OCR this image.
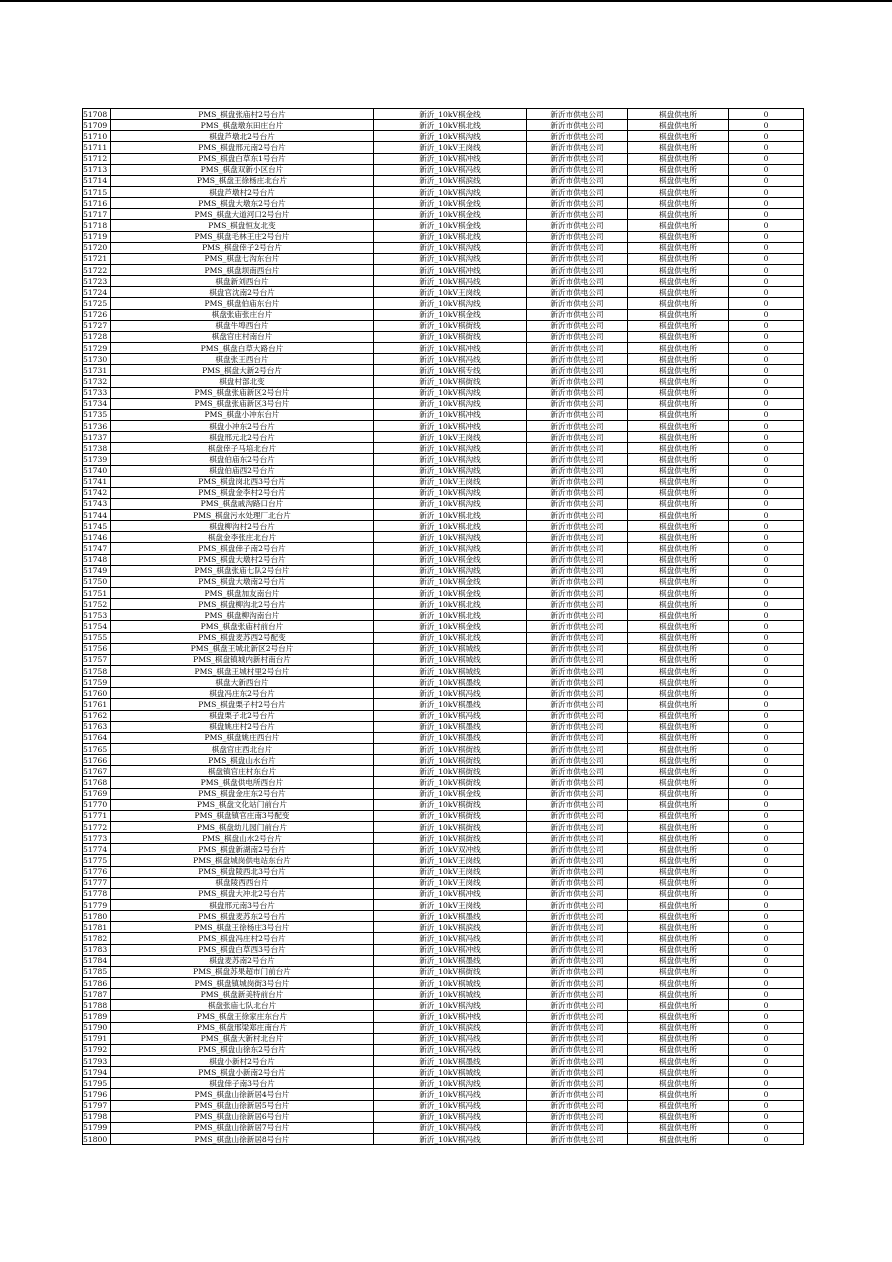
51708	PMS_棋盘张庙村2号台片	新沂_10kV棋金线	新沂市供电公司	棋盘供电所	0
51709	PMS_棋盘墩东田庄台片	新沂_10kV棋北线	新沂市供电公司	棋盘供电所	0
51710	棋盘芦墩北2号台片	新沂_10kV棋沟线	新沂市供电公司	棋盘供电所	0
51711	PMS_棋盘邢元南2号台片	新沂_10kV王岗线	新沂市供电公司	棋盘供电所	0
51712	PMS_棋盘白草东1号台片	新沂_10kV棋冲线	新沂市供电公司	棋盘供电所	0
51713	PMS_棋盘双新小区台片	新沂_10kV棋冯线	新沂市供电公司	棋盘供电所	0
51714	PMS_棋盘王徐杨庄北台片	新沂_10kV棋滨线	新沂市供电公司	棋盘供电所	0
51715	棋盘芦墩村2号台片	新沂_10kV棋沟线	新沂市供电公司	棋盘供电所	0
51716	PMS_棋盘大墩东2号台片	新沂_10kV棋金线	新沂市供电公司	棋盘供电所	0
51717	PMS_棋盘大道河口2号台片	新沂_10kV棋金线	新沂市供电公司	棋盘供电所	0
51718	PMS_棋盘恒友北变	新沂_10kV棋金线	新沂市供电公司	棋盘供电所	0
51719	PMS_棋盘毛林王庄2号台片	新沂_10kV棋北线	新沂市供电公司	棋盘供电所	0
51720	PMS_棋盘倖子2号台片	新沂_10kV棋沟线	新沂市供电公司	棋盘供电所	0
51721	PMS_棋盘七沟东台片	新沂_10kV棋沟线	新沂市供电公司	棋盘供电所	0
51722	PMS_棋盘坝南西台片	新沂_10kV棋冲线	新沂市供电公司	棋盘供电所	0
51723	棋盘新刘西台片	新沂_10kV棋冯线	新沂市供电公司	棋盘供电所	0
51724	棋盘官沈南2号台片	新沂_10kV王岗线	新沂市供电公司	棋盘供电所	0
51725	PMS_棋盘伯庙东台片	新沂_10kV棋沟线	新沂市供电公司	棋盘供电所	0
51726	棋盘张庙张庄台片	新沂_10kV棋金线	新沂市供电公司	棋盘供电所	0
51727	棋盘牛埠西台片	新沂_10kV棋街线	新沂市供电公司	棋盘供电所	0
51728	棋盘官庄村南台片	新沂_10kV棋街线	新沂市供电公司	棋盘供电所	0
51729	PMS_棋盘白草大路台片	新沂_10kV棋冲线	新沂市供电公司	棋盘供电所	0
51730	棋盘张王西台片	新沂_10kV棋冯线	新沂市供电公司	棋盘供电所	0
51731	PMS_棋盘大新2号台片	新沂_10kV棋专线	新沂市供电公司	棋盘供电所	0
51732	棋盘村部北变	新沂_10kV棋街线	新沂市供电公司	棋盘供电所	0
51733	PMS_棋盘张庙新区2号台片	新沂_10kV棋沟线	新沂市供电公司	棋盘供电所	0
51734	PMS_棋盘张庙新区3号台片	新沂_10kV棋沟线	新沂市供电公司	棋盘供电所	0
51735	PMS_棋盘小冲东台片	新沂_10kV棋冲线	新沂市供电公司	棋盘供电所	0
51736	棋盘小冲东2号台片	新沂_10kV棋冲线	新沂市供电公司	棋盘供电所	0
51737	棋盘邢元北2号台片	新沂_10kV王岗线	新沂市供电公司	棋盘供电所	0
51738	棋盘倖子马培北台片	新沂_10kV棋沟线	新沂市供电公司	棋盘供电所	0
51739	棋盘伯庙东2号台片	新沂_10kV棋沟线	新沂市供电公司	棋盘供电所	0
51740	棋盘伯庙西2号台片	新沂_10kV棋沟线	新沂市供电公司	棋盘供电所	0
51741	PMS_棋盘岗北西3号台片	新沂_10kV王岗线	新沂市供电公司	棋盘供电所	0
51742	PMS_棋盘金李村2号台片	新沂_10kV棋沟线	新沂市供电公司	棋盘供电所	0
51743	PMS_棋盘戚沟路口台片	新沂_10kV棋沟线	新沂市供电公司	棋盘供电所	0
51744	PMS_棋盘污水处理厂北台片	新沂_10kV棋北线	新沂市供电公司	棋盘供电所	0
51745	棋盘柳沟村2号台片	新沂_10kV棋北线	新沂市供电公司	棋盘供电所	0
51746	棋盘金李张庄北台片	新沂_10kV棋沟线	新沂市供电公司	棋盘供电所	0
51747	PMS_棋盘倖子南2号台片	新沂_10kV棋沟线	新沂市供电公司	棋盘供电所	0
51748	PMS_棋盘大墩村2号台片	新沂_10kV棋金线	新沂市供电公司	棋盘供电所	0
51749	PMS_棋盘张庙七队2号台片	新沂_10kV棋沟线	新沂市供电公司	棋盘供电所	0
51750	PMS_棋盘大墩南2号台片	新沂_10kV棋金线	新沂市供电公司	棋盘供电所	0
51751	PMS_棋盘加友南台片	新沂_10kV棋金线	新沂市供电公司	棋盘供电所	0
51752	PMS_棋盘柳沟北2号台片	新沂_10kV棋北线	新沂市供电公司	棋盘供电所	0
51753	PMS_棋盘柳沟南台片	新沂_10kV棋北线	新沂市供电公司	棋盘供电所	0
51754	PMS_棋盘张庙村前台片	新沂_10kV棋金线	新沂市供电公司	棋盘供电所	0
51755	PMS_棋盘麦苏西2号配变	新沂_10kV棋北线	新沂市供电公司	棋盘供电所	0
51756	PMS_棋盘王城北新区2号台片	新沂_10kV棋城线	新沂市供电公司	棋盘供电所	0
51757	PMS_棋盘镇城内新村南台片	新沂_10kV棋城线	新沂市供电公司	棋盘供电所	0
51758	PMS_棋盘王城村里2号台片	新沂_10kV棋城线	新沂市供电公司	棋盘供电所	0
51759	棋盘大新西台片	新沂_10kV棋墨线	新沂市供电公司	棋盘供电所	0
51760	棋盘冯庄东2号台片	新沂_10kV棋冯线	新沂市供电公司	棋盘供电所	0
51761	PMS_棋盘栗子村2号台片	新沂_10kV棋墨线	新沂市供电公司	棋盘供电所	0
51762	棋盘栗子北2号台片	新沂_10kV棋冯线	新沂市供电公司	棋盘供电所	0
51763	棋盘姚庄村2号台片	新沂_10kV棋墨线	新沂市供电公司	棋盘供电所	0
51764	PMS_棋盘姚庄西台片	新沂_10kV棋墨线	新沂市供电公司	棋盘供电所	0
51765	棋盘官庄西北台片	新沂_10kV棋街线	新沂市供电公司	棋盘供电所	0
51766	PMS_棋盘山水台片	新沂_10kV棋街线	新沂市供电公司	棋盘供电所	0
51767	棋盘镇官庄村东台片	新沂_10kV棋街线	新沂市供电公司	棋盘供电所	0
51768	PMS_棋盘供电所西台片	新沂_10kV棋街线	新沂市供电公司	棋盘供电所	0
51769	PMS_棋盘金庄东2号台片	新沂_10kV棋金线	新沂市供电公司	棋盘供电所	0
51770	PMS_棋盘文化站门前台片	新沂_10kV棋街线	新沂市供电公司	棋盘供电所	0
51771	PMS_棋盘镇官庄南3号配变	新沂_10kV棋街线	新沂市供电公司	棋盘供电所	0
51772	PMS_棋盘幼儿园门前台片	新沂_10kV棋街线	新沂市供电公司	棋盘供电所	0
51773	PMS_棋盘山水2号台片	新沂_10kV棋街线	新沂市供电公司	棋盘供电所	0
51774	PMS_棋盘新湖南2号台片	新沂_10kV双冲线	新沂市供电公司	棋盘供电所	0
51775	PMS_棋盘城岗供电站东台片	新沂_10kV王岗线	新沂市供电公司	棋盘供电所	0
51776	PMS_棋盘陵西北3号台片	新沂_10kV王岗线	新沂市供电公司	棋盘供电所	0
51777	棋盘陵西西台片	新沂_10kV王岗线	新沂市供电公司	棋盘供电所	0
51778	PMS_棋盘大冲北2号台片	新沂_10kV棋冲线	新沂市供电公司	棋盘供电所	0
51779	棋盘邢元南3号台片	新沂_10kV王岗线	新沂市供电公司	棋盘供电所	0
51780	PMS_棋盘麦苏东2号台片	新沂_10kV棋墨线	新沂市供电公司	棋盘供电所	0
51781	PMS_棋盘王徐杨庄3号台片	新沂_10kV棋滨线	新沂市供电公司	棋盘供电所	0
51782	PMS_棋盘冯庄村2号台片	新沂_10kV棋冯线	新沂市供电公司	棋盘供电所	0
51783	PMS_棋盘白草西3号台片	新沂_10kV棋冲线	新沂市供电公司	棋盘供电所	0
51784	棋盘麦苏南2号台片	新沂_10kV棋墨线	新沂市供电公司	棋盘供电所	0
51785	PMS_棋盘苏果超市门前台片	新沂_10kV棋街线	新沂市供电公司	棋盘供电所	0
51786	PMS_棋盘镇城岗街3号台片	新沂_10kV棋城线	新沂市供电公司	棋盘供电所	0
51787	PMS_棋盘新美特前台片	新沂_10kV棋城线	新沂市供电公司	棋盘供电所	0
51788	棋盘张庙七队北台片	新沂_10kV棋沟线	新沂市供电公司	棋盘供电所	0
51789	PMS_棋盘王徐家庄东台片	新沂_10kV棋冲线	新沂市供电公司	棋盘供电所	0
51790	PMS_棋盘邢梁郑庄南台片	新沂_10kV棋滨线	新沂市供电公司	棋盘供电所	0
51791	PMS_棋盘大新村北台片	新沂_10kV棋冯线	新沂市供电公司	棋盘供电所	0
51792	PMS_棋盘山徐东2号台片	新沂_10kV棋冯线	新沂市供电公司	棋盘供电所	0
51793	棋盘小新村2号台片	新沂_10kV棋墨线	新沂市供电公司	棋盘供电所	0
51794	PMS_棋盘小新南2号台片	新沂_10kV棋城线	新沂市供电公司	棋盘供电所	0
51795	棋盘倖子南3号台片	新沂_10kV棋沟线	新沂市供电公司	棋盘供电所	0
51796	PMS_棋盘山徐新居4号台片	新沂_10kV棋冯线	新沂市供电公司	棋盘供电所	0
51797	PMS_棋盘山徐新居5号台片	新沂_10kV棋冯线	新沂市供电公司	棋盘供电所	0
51798	PMS_棋盘山徐新居6号台片	新沂_10kV棋冯线	新沂市供电公司	棋盘供电所	0
51799	PMS_棋盘山徐新居7号台片	新沂_10kV棋冯线	新沂市供电公司	棋盘供电所	0
51800	PMS_棋盘山徐新居8号台片	新沂_10kV棋冯线	新沂市供电公司	棋盘供电所	0
